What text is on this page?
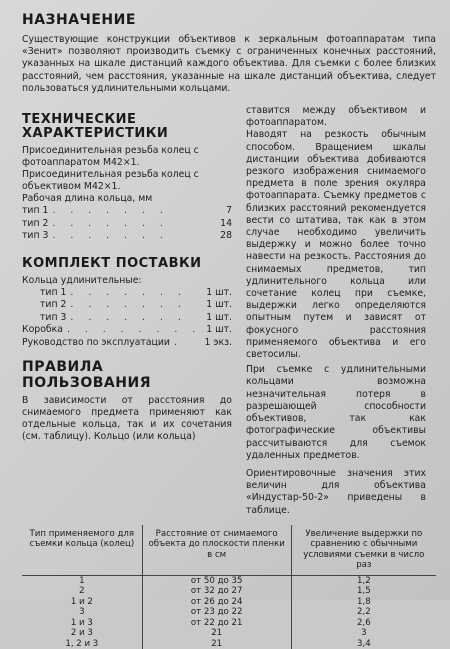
НАЗНАЧЕНИЕ
Существующие конструкции объективов к зеркальным фотоаппаратам типа «Зенит» позволяют производить съемку с ограниченных конечных расстояний, указанных на шкале дистанций каждого объектива. Для съемки с более близких расстояний, чем расстояния, указанные на шкале дистанций объектива, следует пользоваться удлинительными кольцами.
ТЕХНИЧЕСКИЕ
ХАРАКТЕРИСТИКИ
Присоединительная резьба колец с фотоаппаратом М42×1.
Присоединительная резьба колец с объективом М42×1.
Рабочая длина кольца, мм
тип 1 . . . . . . .	7
тип 2 . . . . . . .	14
тип 3 . . . . . . .	28
КОМПЛЕКТ ПОСТАВКИ
Кольца удлинительные:
тип 1 . . . . . . .	1 шт.
тип 2 . . . . . . .	1 шт.
тип 3 . . . . . . .	1 шт.
Коробка . . . . . . . . 1 шт.
Руководство по эксплуатации .	1 экз.
ПРАВИЛА ПОЛЬЗОВАНИЯ
В зависимости от расстояния до снимаемого предмета применяют как отдельные кольца, так и их сочетания (см. таблицу). Кольцо (или кольца)
ставится между объективом и фотоаппаратом.
Наводят на резкость обычным способом. Вращением шкалы дистанции объектива добиваются резкого изображения снимаемого предмета в поле зрения окуляра фотоаппарата. Съемку предметов с близких расстояний рекомендуется вести со штатива, так как в этом случае необходимо увеличить выдержку и можно более точно навести на резкость. Расстояния до снимаемых предметов, тип удлинительного кольца или сочетание колец при съемке, выдержки легко определяются опытным путем и зависят от фокусного расстояния применяемого объектива и его светосилы.
При съемке с удлинительными кольцами возможна незначительная потеря в разрешающей способности объективов, так как фотографические объективы рассчитываются для съемок удаленных предметов.
Ориентировочные значения этих величин для объектива «Индустар-50-2» приведены в таблице.
Тип применяемого для съемки кольца (колец)	Расстояние от снимаемого объекта до плоскости пленки в см	Увеличение выдержки по сравнению с обычными условиями съемки в число раз
1	от 50 до 35	1,2
2	от 32 до 27	1,5
1 и 2	от 26 до 24	1,8
3	от 23 до 22	2,2
1 и 3	от 22 до 21	2,6
2 и 3	21	3
1, 2 и 3	21	3,4
